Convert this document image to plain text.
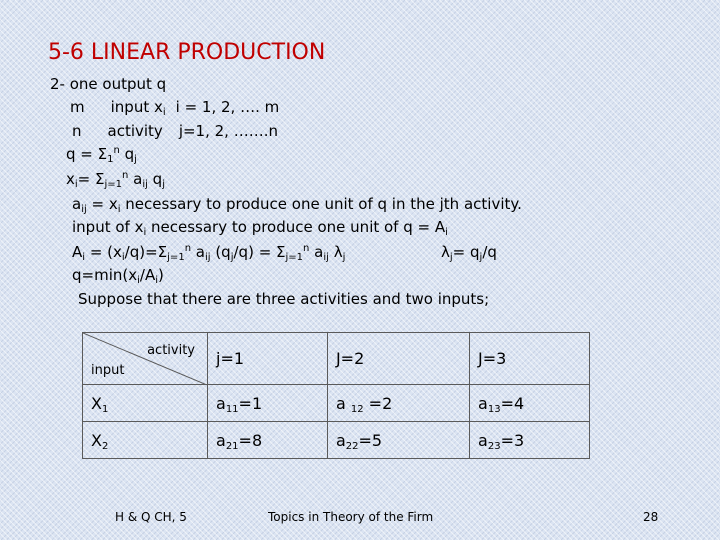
5-6 LINEAR PRODUCTION
2- one output q
m input $x_i$ i = 1, 2, …. m
n activity j=1, 2, …….n
$q = \Sigma_1^n$ $q_j$
$x_i= \Sigma_{j=1}^n$ $a_{ij}$ $q_j$
$a_{ij} = x_i$ necessary to produce one unit of q in the jth activity.
input of $x_i$ necessary to produce one unit of $q = A_i$
$A_i = (x_i/q)=\Sigma_{j=1}^n$ $a_{ij}$ $(q_j/q) = \Sigma_{j=1}^n$ $a_{ij}$ $\lambda_j$	$\lambda_j= q_j/q$
$q=\min(x_i/A_i)$
Suppose that there are three activities and two inputs;
activity
input	j=1	J=2	J=3
$X_1$	$a_{11}=1$	a $_{12}$ =2	$a_{13}=4$
$X_2$	$a_{21}=8$	$a_{22}=5$	$a_{23}=3$
H & Q CH, 5	Topics in Theory of the Firm	28
